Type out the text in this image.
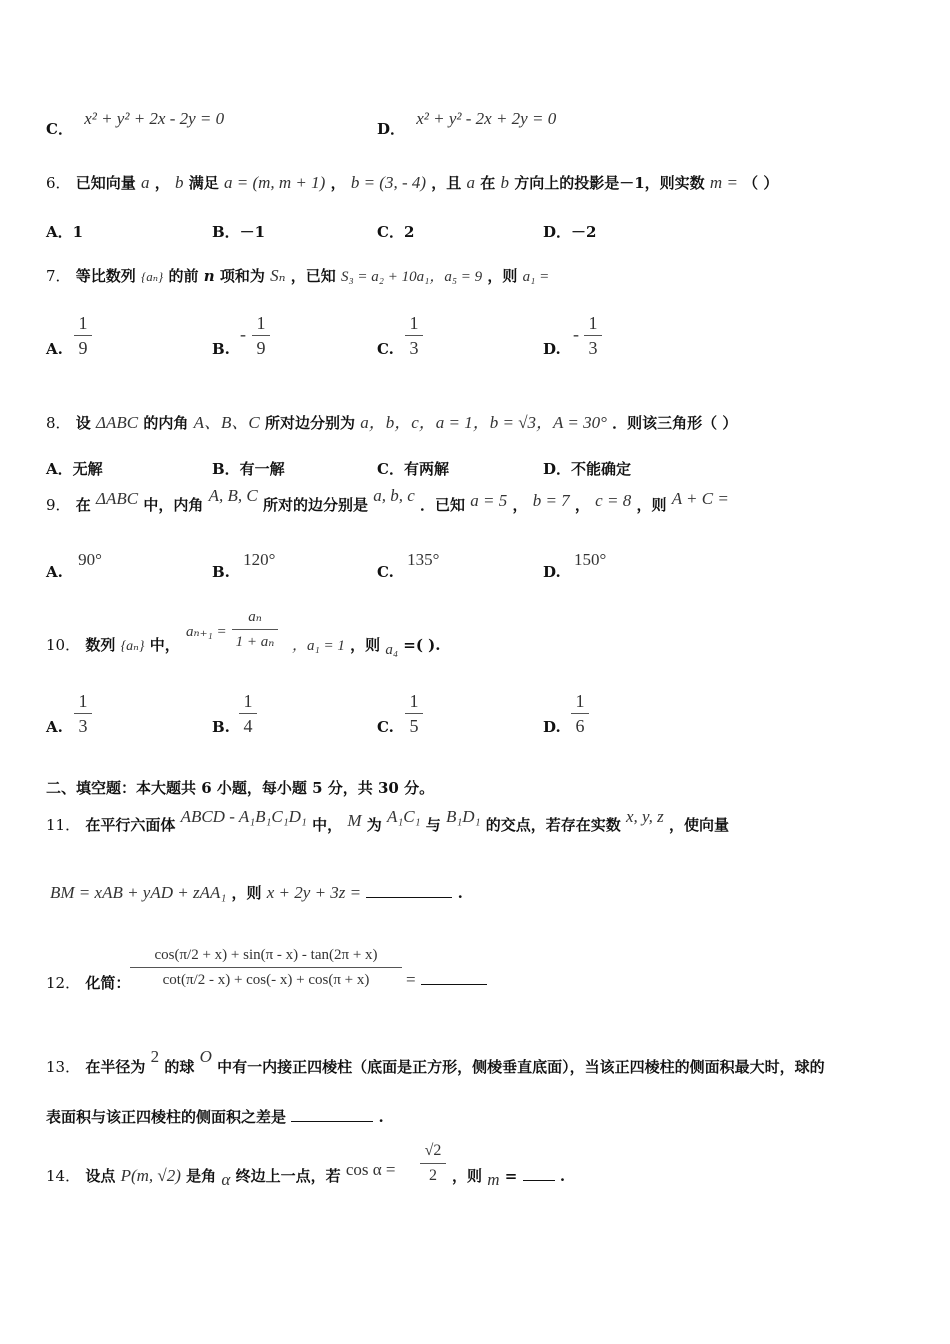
C． x² + y² + 2x - 2y = 0
D． x² + y² - 2x + 2y = 0
6． 已知向量 a ， b 满足 a = (m, m + 1) ， b = (3, - 4) ，且 a 在 b 方向上的投影是－1，则实数 m = （ ）
A．1	B．－1	C．2	D．－2
7． 等比数列 {aₙ} 的前 n 项和为 Sₙ ，已知 S₃ = a₂ + 10a₁，a₅ = 9 ，则 a₁ =
A.
1
9	B.
-
1
9	C.
1
3	D.
-
1
3
8． 设 ΔABC 的内角 A、B、C 所对边分别为 a，b，c，a = 1，b = √3，A = 30° ．则该三角形（ ）
A．无解	B．有一解	C．有两解	D．不能确定
9． 在 ΔABC 中，内角 A, B, C 所对的边分别是 a, b, c ．已知 a = 5 ， b = 7 ， c = 8 ，则 A + C =
A. 90°
B. 120°
C. 135°
D. 150°
10． 数列 {aₙ} 中，
aₙ₊₁ =
aₙ
1 + aₙ ，a₁ = 1 ，则 a₄ =( ).
A.
1
3	B.
1
4	C.
1
5	D.
1
6
二、填空题：本大题共 6 小题，每小题 5 分，共 30 分。
11． 在平行六面体 ABCD - A₁B₁C₁D₁ 中， M 为 A₁C₁ 与 B₁D₁ 的交点，若存在实数 x, y, z ，使向量
BM = xAB + yAD + zAA₁ ，则 x + 2y + 3z =	.
12． 化简：
cos(π/2 + x) + sin(π - x) - tan(2π + x)
cot(π/2 - x) + cos(- x) + cos(π + x)	=
13． 在半径为 2 的球 O 中有一内接正四棱柱（底面是正方形，侧棱垂直底面），当该正四棱柱的侧面积最大时，球的
表面积与该正四棱柱的侧面积之差是	.
14． 设点 P(m, √2) 是角 α 终边上一点，若 cos α =
√2
2	，则 m =	.
